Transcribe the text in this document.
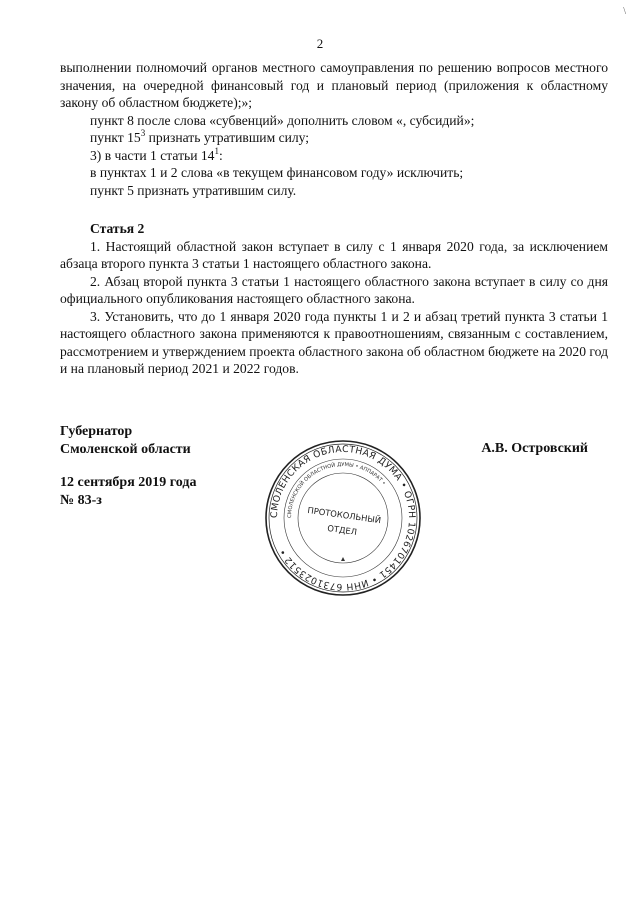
\
2

выполнении полномочий органов местного самоуправления по решению вопросов местного значения, на очередной финансовый год и плановый период (приложения к областному закону об областном бюджете);»;

пункт 8 после слова «субвенций» дополнить словом «, субсидий»;

пункт $15^3$ признать утратившим силу;

3) в части 1 статьи $14^1$:

в пунктах 1 и 2 слова «в текущем финансовом году» исключить;

пункт 5 признать утратившим силу.

Статья 2

1. Настоящий областной закон вступает в силу с 1 января 2020 года, за исключением абзаца второго пункта 3 статьи 1 настоящего областного закона.

2. Абзац второй пункта 3 статьи 1 настоящего областного закона вступает в силу со дня официального опубликования настоящего областного закона.

3. Установить, что до 1 января 2020 года пункты 1 и 2 и абзац третий пункта 3 статьи 1 настоящего областного закона применяются к правоотношениям, связанным с составлением, рассмотрением и утверждением проекта областного закона об областном бюджете на 2020 год и на плановый период 2021 и 2022 годов.

Губернатор
Смоленской области	А.В. Островский
12 сентября 2019 года
№ 83-з
СМОЛЕНСКАЯ ОБЛАСТНАЯ ДУМА • ОГРН 1026701451 • ИНН 6731023512 •
СМОЛЕНСКОЙ ОБЛАСТНОЙ ДУМЫ • АППАРАТ •
ПРОТОКОЛЬНЫЙ
ОТДЕЛ
